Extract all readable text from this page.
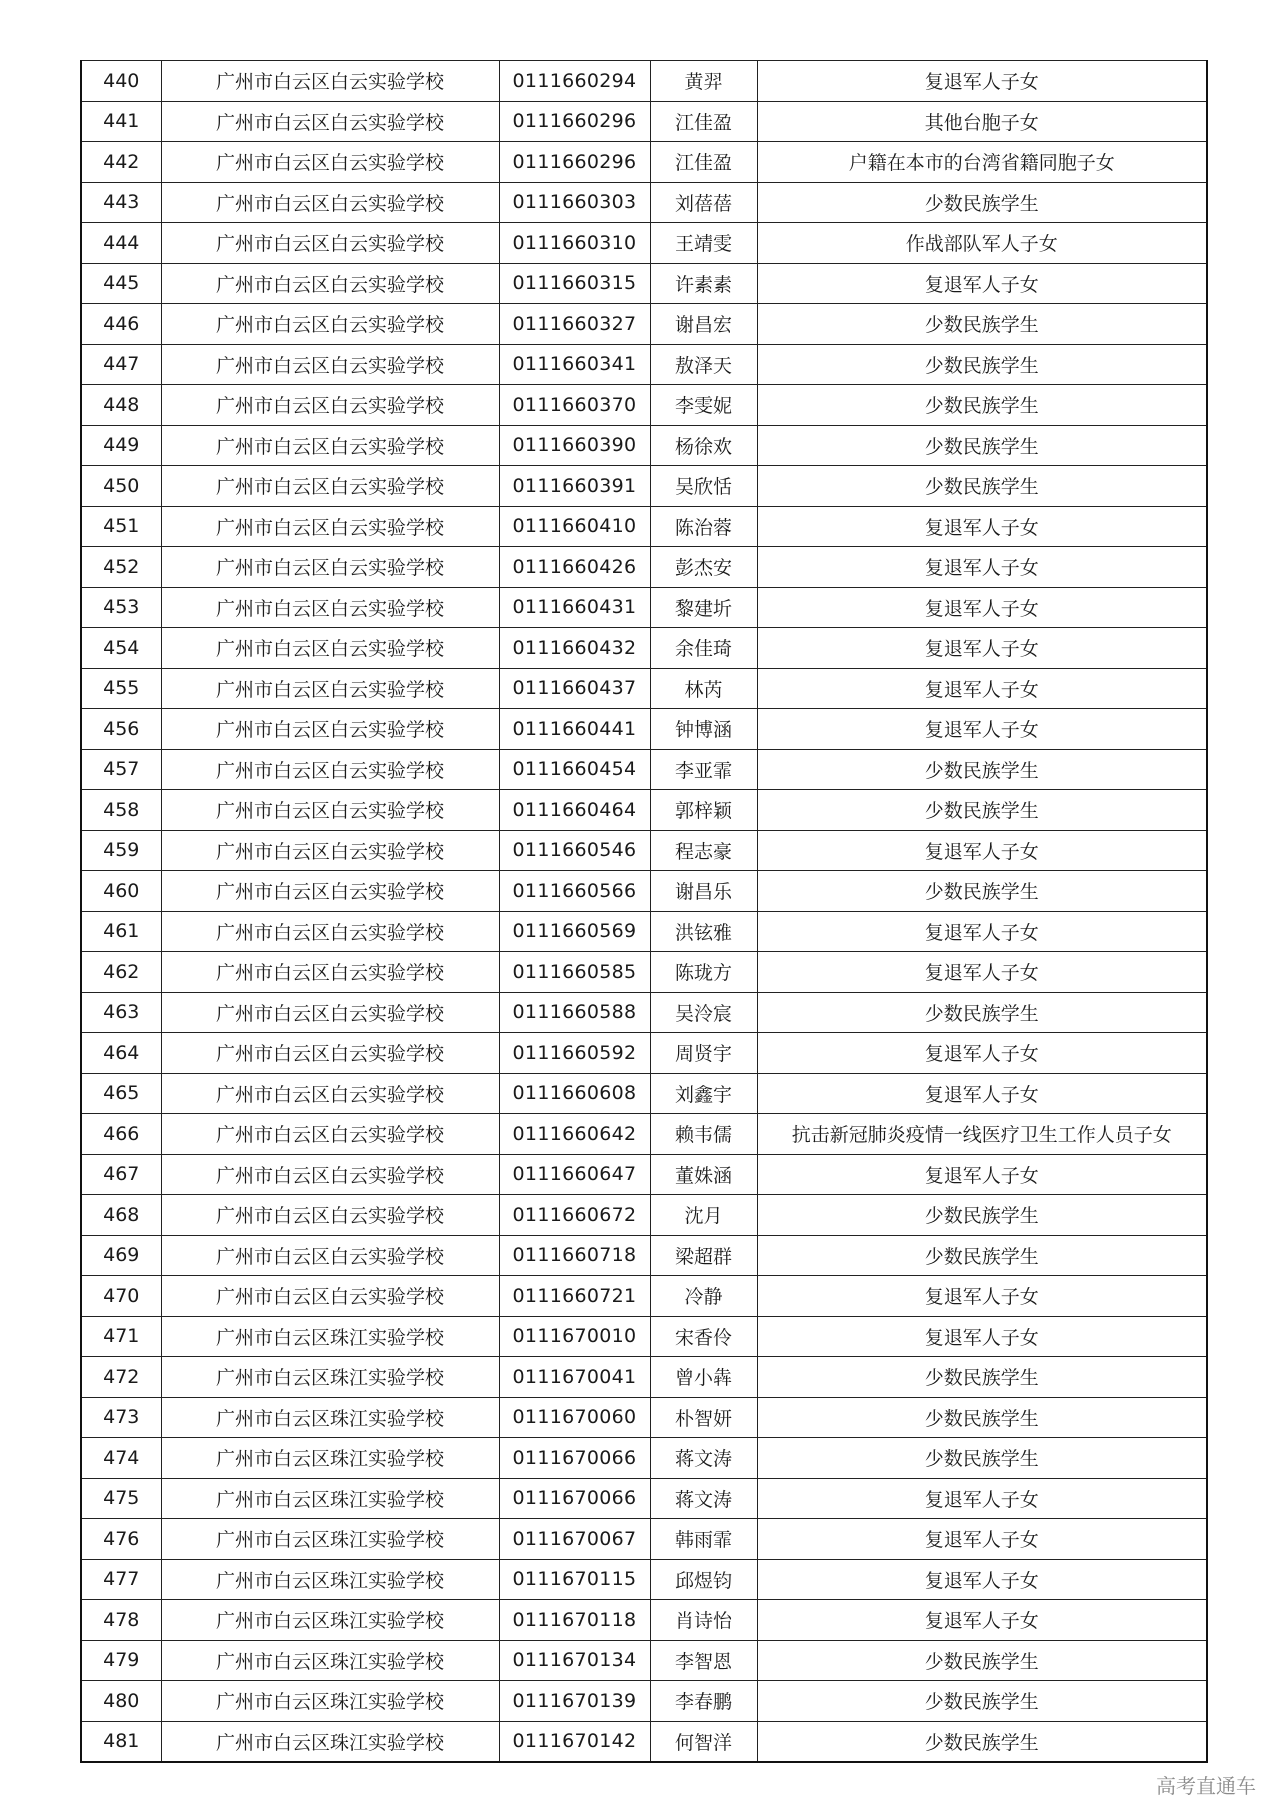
440	广州市白云区白云实验学校	0111660294	黄羿	复退军人子女
441	广州市白云区白云实验学校	0111660296	江佳盈	其他台胞子女
442	广州市白云区白云实验学校	0111660296	江佳盈	户籍在本市的台湾省籍同胞子女
443	广州市白云区白云实验学校	0111660303	刘蓓蓓	少数民族学生
444	广州市白云区白云实验学校	0111660310	王靖雯	作战部队军人子女
445	广州市白云区白云实验学校	0111660315	许素素	复退军人子女
446	广州市白云区白云实验学校	0111660327	谢昌宏	少数民族学生
447	广州市白云区白云实验学校	0111660341	敖泽天	少数民族学生
448	广州市白云区白云实验学校	0111660370	李雯妮	少数民族学生
449	广州市白云区白云实验学校	0111660390	杨徐欢	少数民族学生
450	广州市白云区白云实验学校	0111660391	吴欣恬	少数民族学生
451	广州市白云区白云实验学校	0111660410	陈治蓉	复退军人子女
452	广州市白云区白云实验学校	0111660426	彭杰安	复退军人子女
453	广州市白云区白云实验学校	0111660431	黎建圻	复退军人子女
454	广州市白云区白云实验学校	0111660432	余佳琦	复退军人子女
455	广州市白云区白云实验学校	0111660437	林芮	复退军人子女
456	广州市白云区白云实验学校	0111660441	钟博涵	复退军人子女
457	广州市白云区白云实验学校	0111660454	李亚霏	少数民族学生
458	广州市白云区白云实验学校	0111660464	郭梓颖	少数民族学生
459	广州市白云区白云实验学校	0111660546	程志豪	复退军人子女
460	广州市白云区白云实验学校	0111660566	谢昌乐	少数民族学生
461	广州市白云区白云实验学校	0111660569	洪铉雅	复退军人子女
462	广州市白云区白云实验学校	0111660585	陈珑方	复退军人子女
463	广州市白云区白云实验学校	0111660588	吴泠宸	少数民族学生
464	广州市白云区白云实验学校	0111660592	周贤宇	复退军人子女
465	广州市白云区白云实验学校	0111660608	刘鑫宇	复退军人子女
466	广州市白云区白云实验学校	0111660642	赖韦儒	抗击新冠肺炎疫情一线医疗卫生工作人员子女
467	广州市白云区白云实验学校	0111660647	董姝涵	复退军人子女
468	广州市白云区白云实验学校	0111660672	沈月	少数民族学生
469	广州市白云区白云实验学校	0111660718	梁超群	少数民族学生
470	广州市白云区白云实验学校	0111660721	冷静	复退军人子女
471	广州市白云区珠江实验学校	0111670010	宋香伶	复退军人子女
472	广州市白云区珠江实验学校	0111670041	曾小犇	少数民族学生
473	广州市白云区珠江实验学校	0111670060	朴智妍	少数民族学生
474	广州市白云区珠江实验学校	0111670066	蒋文涛	少数民族学生
475	广州市白云区珠江实验学校	0111670066	蒋文涛	复退军人子女
476	广州市白云区珠江实验学校	0111670067	韩雨霏	复退军人子女
477	广州市白云区珠江实验学校	0111670115	邱煜钧	复退军人子女
478	广州市白云区珠江实验学校	0111670118	肖诗怡	复退军人子女
479	广州市白云区珠江实验学校	0111670134	李智恩	少数民族学生
480	广州市白云区珠江实验学校	0111670139	李春鹏	少数民族学生
481	广州市白云区珠江实验学校	0111670142	何智洋	少数民族学生
高考直通车
